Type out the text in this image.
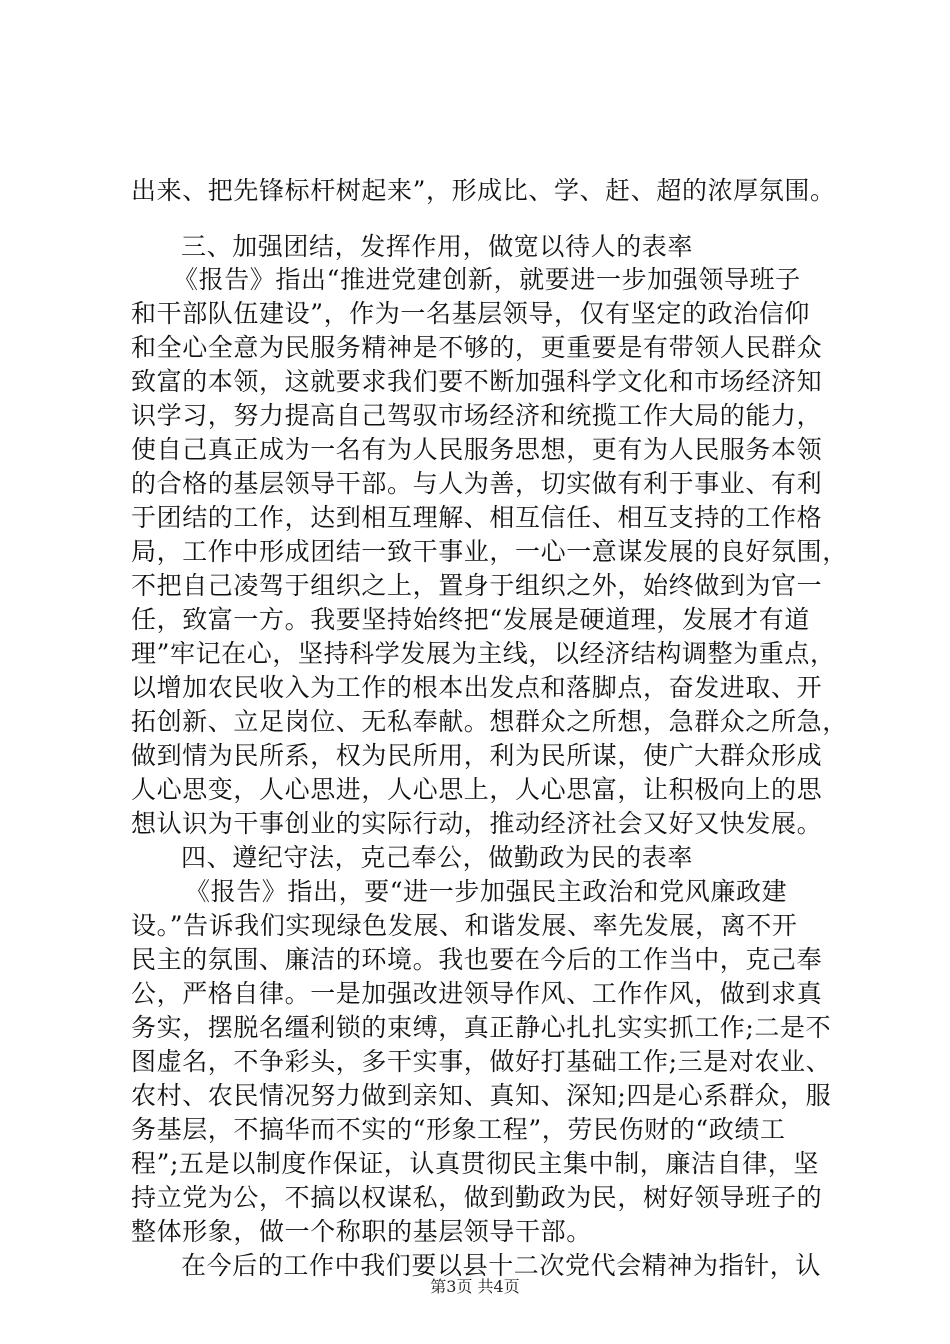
出来、把先锋标杆树起来”，形成比、学、赶、超的浓厚氛围。
三、加强团结，发挥作用，做宽以待人的表率
《报告》指出“推进党建创新，就要进一步加强领导班子
和干部队伍建设”，作为一名基层领导，仅有坚定的政治信仰
和全心全意为民服务精神是不够的，更重要是有带领人民群众
致富的本领，这就要求我们要不断加强科学文化和市场经济知
识学习，努力提高自己驾驭市场经济和统揽工作大局的能力，
使自己真正成为一名有为人民服务思想，更有为人民服务本领
的合格的基层领导干部。与人为善，切实做有利于事业、有利
于团结的工作，达到相互理解、相互信任、相互支持的工作格
局，工作中形成团结一致干事业，一心一意谋发展的良好氛围，
不把自己凌驾于组织之上，置身于组织之外，始终做到为官一
任，致富一方。我要坚持始终把“发展是硬道理，发展才有道
理”牢记在心，坚持科学发展为主线，以经济结构调整为重点，
以增加农民收入为工作的根本出发点和落脚点，奋发进取、开
拓创新、立足岗位、无私奉献。想群众之所想，急群众之所急，
做到情为民所系，权为民所用，利为民所谋，使广大群众形成
人心思变，人心思进，人心思上，人心思富，让积极向上的思
想认识为干事创业的实际行动，推动经济社会又好又快发展。
四、遵纪守法，克己奉公，做勤政为民的表率
《报告》指出，要“进一步加强民主政治和党风廉政建
设。”告诉我们实现绿色发展、和谐发展、率先发展，离不开
民主的氛围、廉洁的环境。我也要在今后的工作当中，克己奉
公，严格自律。一是加强改进领导作风、工作作风，做到求真
务实，摆脱名缰利锁的束缚，真正静心扎扎实实抓工作;二是不
图虚名，不争彩头，多干实事，做好打基础工作;三是对农业、
农村、农民情况努力做到亲知、真知、深知;四是心系群众，服
务基层，不搞华而不实的“形象工程”，劳民伤财的“政绩工
程”;五是以制度作保证，认真贯彻民主集中制，廉洁自律，坚
持立党为公，不搞以权谋私，做到勤政为民，树好领导班子的
整体形象，做一个称职的基层领导干部。
在今后的工作中我们要以县十二次党代会精神为指针，认
第3页 共4页
